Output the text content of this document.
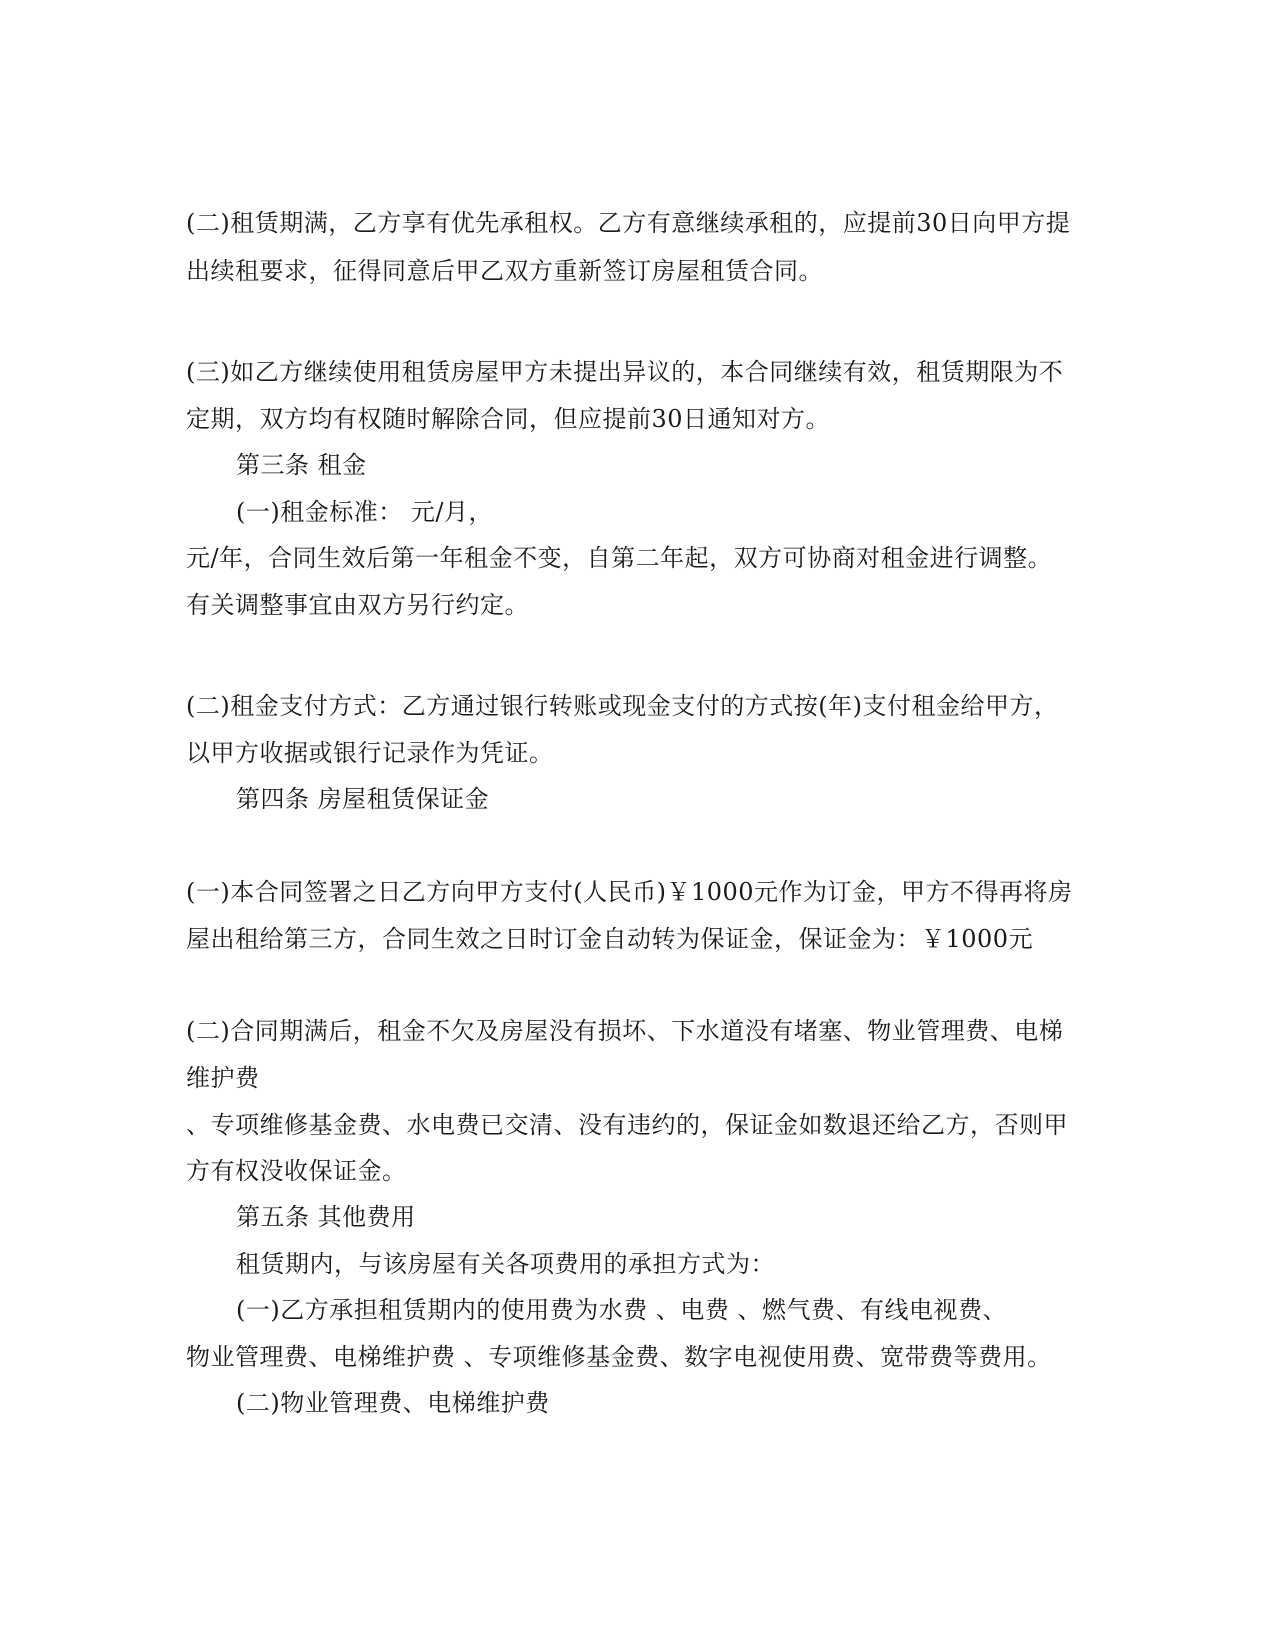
(二)租赁期满，乙方享有优先承租权。乙方有意继续承租的，应提前30日向甲方提
出续租要求，征得同意后甲乙双方重新签订房屋租赁合同。
(三)如乙方继续使用租赁房屋甲方未提出异议的，本合同继续有效，租赁期限为不
定期，双方均有权随时解除合同，但应提前30日通知对方。
第三条 租金
(一)租金标准： 元/月，
元/年，合同生效后第一年租金不变，自第二年起，双方可协商对租金进行调整。
有关调整事宜由双方另行约定。
(二)租金支付方式：乙方通过银行转账或现金支付的方式按(年)支付租金给甲方，
以甲方收据或银行记录作为凭证。
第四条 房屋租赁保证金
(一)本合同签署之日乙方向甲方支付(人民币)￥1000元作为订金，甲方不得再将房
屋出租给第三方，合同生效之日时订金自动转为保证金，保证金为：￥1000元
(二)合同期满后，租金不欠及房屋没有损坏、下水道没有堵塞、物业管理费、电梯
维护费
、专项维修基金费、水电费已交清、没有违约的，保证金如数退还给乙方，否则甲
方有权没收保证金。
第五条 其他费用
租赁期内，与该房屋有关各项费用的承担方式为：
(一)乙方承担租赁期内的使用费为水费 、电费 、燃气费、有线电视费、
物业管理费、电梯维护费 、专项维修基金费、数字电视使用费、宽带费等费用。
(二)物业管理费、电梯维护费
